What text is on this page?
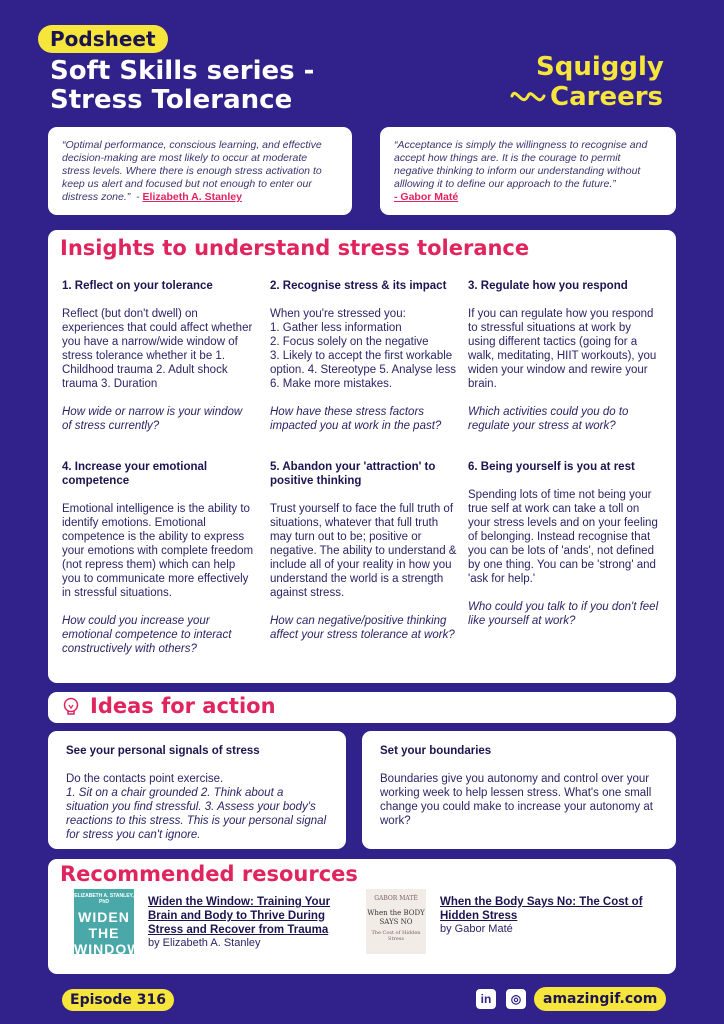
Podsheet
Soft Skills series -
Stress Tolerance
Squiggly
Careers
“Optimal performance, conscious learning, and effective decision-making are most likely to occur at moderate stress levels. Where there is enough stress activation to keep us alert and focused but not enough to enter our distress zone.”  - Elizabeth A. Stanley
“Acceptance is simply the willingness to recognise and accept how things are. It is the courage to permit negative thinking to inform our understanding without alllowing it to define our approach to the future.”
- Gabor Maté
Insights to understand stress tolerance
1. Reflect on your tolerance
Reflect (but don't dwell) on experiences that could affect whether you have a narrow/wide window of stress tolerance whether it be 1. Childhood trauma 2. Adult shock trauma 3. Duration
How wide or narrow is your window of stress currently?
2. Recognise stress & its impact
When you're stressed you:
1. Gather less information
2. Focus solely on the negative
3. Likely to accept the first workable option. 4. Stereotype 5. Analyse less 6. Make more mistakes.
How have these stress factors impacted you at work in the past?
3. Regulate how you respond
If you can regulate how you respond to stressful situations at work by using different tactics (going for a walk, meditating, HIIT workouts), you widen your window and rewire your brain.
Which activities could you do to regulate your stress at work?
4. Increase your emotional competence
Emotional intelligence is the ability to identify emotions. Emotional competence is the ability to express your emotions with complete freedom (not repress them) which can help you to communicate more effectively in stressful situations.
How could you increase your emotional competence to interact constructively with others?
5. Abandon your 'attraction' to positive thinking
Trust yourself to face the full truth of situations, whatever that full truth may turn out to be; positive or negative. The ability to understand & include all of your reality in how you understand the world is a strength against stress.
How can negative/positive thinking affect your stress tolerance at work?
6. Being yourself is you at rest
Spending lots of time not being your true self at work can take a toll on your stress levels and on your feeling of belonging. Instead recognise that you can be lots of 'ands', not defined by one thing. You can be 'strong' and 'ask for help.'
Who could you talk to if you don't feel like yourself at work?
Ideas for action
See your personal signals of stress
Do the contacts point exercise.
1. Sit on a chair grounded 2. Think about a situation you find stressful. 3. Assess your body's reactions to this stress. This is your personal signal for stress you can't ignore.
Set your boundaries
Boundaries give you autonomy and control over your working week to help lessen stress. What's one small change you could make to increase your autonomy at work?
Recommended resources
ELIZABETH A. STANLEY, PhD
WIDEN THE WINDOW
Widen the Window: Training Your Brain and Body to Thrive During Stress and Recover from Trauma
by Elizabeth A. Stanley
GABOR MATÉ
When the BODY SAYS NO
The Cost of Hidden Stress
When the Body Says No: The Cost of Hidden Stress
by Gabor Maté
Episode 316	in	◎	amazingif.com
